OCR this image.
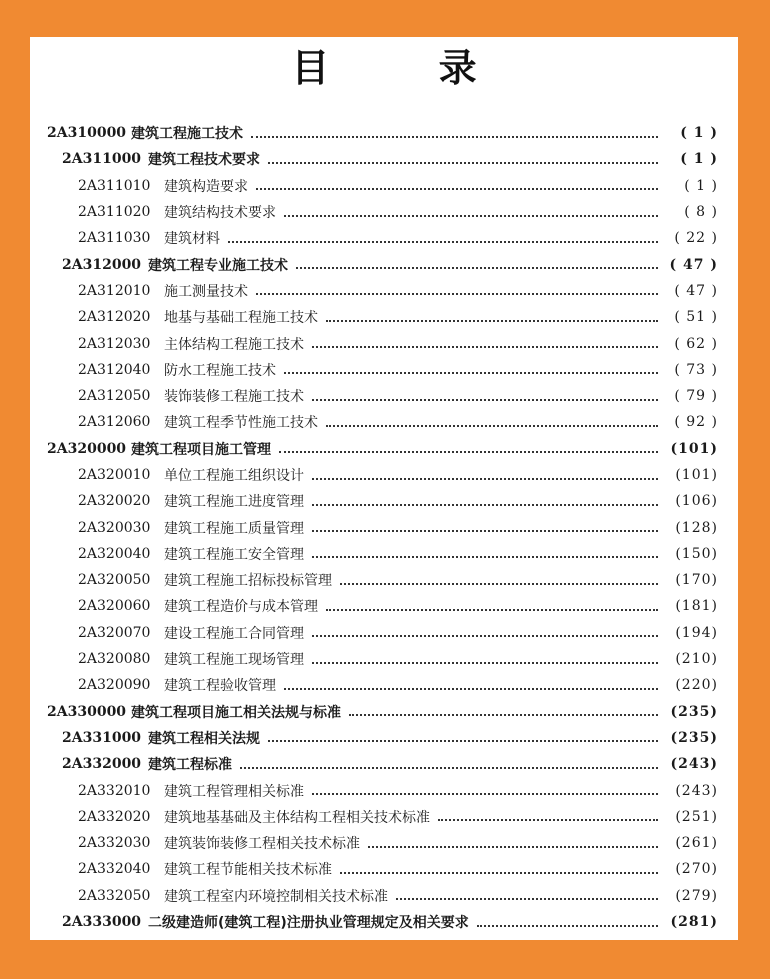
目 录
2A310000 建筑工程施工技术	( 1 )
2A311000 建筑工程技术要求	( 1 )
2A311010 建筑构造要求	( 1 )
2A311020 建筑结构技术要求	( 8 )
2A311030 建筑材料	( 22 )
2A312000 建筑工程专业施工技术	( 47 )
2A312010 施工测量技术	( 47 )
2A312020 地基与基础工程施工技术	( 51 )
2A312030 主体结构工程施工技术	( 62 )
2A312040 防水工程施工技术	( 73 )
2A312050 装饰装修工程施工技术	( 79 )
2A312060 建筑工程季节性施工技术	( 92 )
2A320000 建筑工程项目施工管理	(101)
2A320010 单位工程施工组织设计	(101)
2A320020 建筑工程施工进度管理	(106)
2A320030 建筑工程施工质量管理	(128)
2A320040 建筑工程施工安全管理	(150)
2A320050 建筑工程施工招标投标管理	(170)
2A320060 建筑工程造价与成本管理	(181)
2A320070 建设工程施工合同管理	(194)
2A320080 建筑工程施工现场管理	(210)
2A320090 建筑工程验收管理	(220)
2A330000 建筑工程项目施工相关法规与标准	(235)
2A331000 建筑工程相关法规	(235)
2A332000 建筑工程标准	(243)
2A332010 建筑工程管理相关标准	(243)
2A332020 建筑地基基础及主体结构工程相关技术标准	(251)
2A332030 建筑装饰装修工程相关技术标准	(261)
2A332040 建筑工程节能相关技术标准	(270)
2A332050 建筑工程室内环境控制相关技术标准	(279)
2A333000 二级建造师(建筑工程)注册执业管理规定及相关要求	(281)
